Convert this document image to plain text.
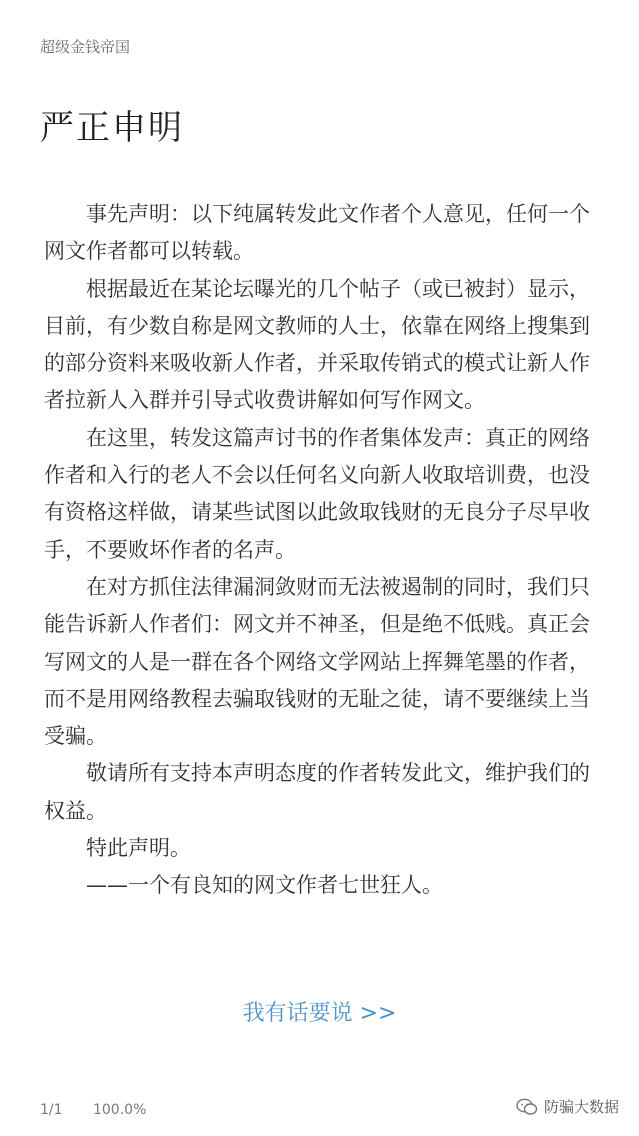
超级金钱帝国
严正申明

事先声明：以下纯属转发此文作者个人意见，任何一个网文作者都可以转载。

根据最近在某论坛曝光的几个帖子（或已被封）显示，目前，有少数自称是网文教师的人士，依靠在网络上搜集到的部分资料来吸收新人作者，并采取传销式的模式让新人作者拉新人入群并引导式收费讲解如何写作网文。

在这里，转发这篇声讨书的作者集体发声：真正的网络作者和入行的老人不会以任何名义向新人收取培训费，也没有资格这样做，请某些试图以此敛取钱财的无良分子尽早收手，不要败坏作者的名声。

在对方抓住法律漏洞敛财而无法被遏制的同时，我们只能告诉新人作者们：网文并不神圣，但是绝不低贱。真正会写网文的人是一群在各个网络文学网站上挥舞笔墨的作者，而不是用网络教程去骗取钱财的无耻之徒，请不要继续上当受骗。

敬请所有支持本声明态度的作者转发此文，维护我们的权益。

特此声明。

——一个有良知的网文作者七世狂人。

我有话要说 >>
1/1 100.0%	防骗大数据
